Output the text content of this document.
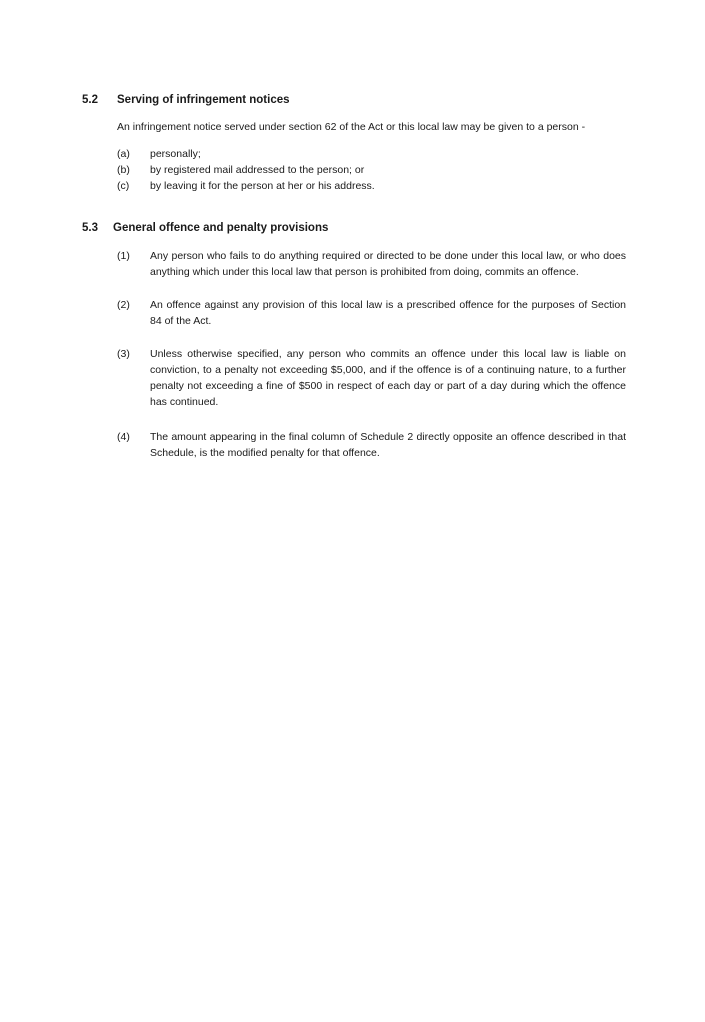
5.2 Serving of infringement notices
An infringement notice served under section 62 of the Act or this local law may be given to a person -
(a) personally;
(b) by registered mail addressed to the person; or
(c) by leaving it for the person at her or his address.
5.3 General offence and penalty provisions
(1) Any person who fails to do anything required or directed to be done under this local law, or who does anything which under this local law that person is prohibited from doing, commits an offence.
(2) An offence against any provision of this local law is a prescribed offence for the purposes of Section 84 of the Act.
(3) Unless otherwise specified, any person who commits an offence under this local law is liable on conviction, to a penalty not exceeding $5,000, and if the offence is of a continuing nature, to a further penalty not exceeding a fine of $500 in respect of each day or part of a day during which the offence has continued.
(4) The amount appearing in the final column of Schedule 2 directly opposite an offence described in that Schedule, is the modified penalty for that offence.
